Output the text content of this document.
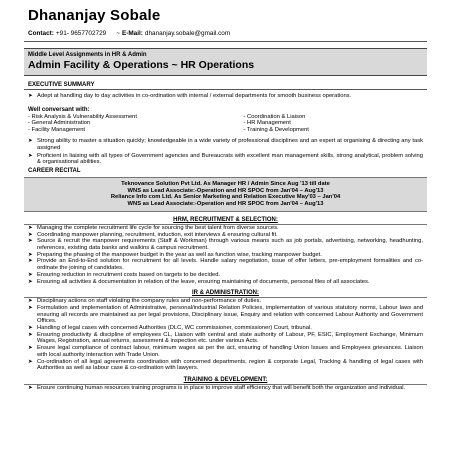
Dhananjay Sobale
Contact: +91- 9657702729 ~ E-Mail: dhananjay.sobale@gmail.com
Middle Level Assignments in HR & Admin
Admin Facility & Operations ~ HR Operations
EXECUTIVE SUMMARY
➤ Adept at handling day to day activities in co-ordination with internal / external departments for smooth business operations.
Well conversant with:
- Risk Analysis & Vulnerability Assessment	- Coordination & Liaison
- General Administration	- HR Management
- Facility Management	- Training & Development
➤ Strong ability to master a situation quickly; knowledgeable in a wide variety of professional disciplines and an expert at organising & directing any task assigned
➤ Proficient in liaising with all types of Government agencies and Bureaucrats with excellent man management skills, strong analytical, problem solving & organisational abilities.
CAREER RECITAL
Teknovance Solution Pvt Ltd. As Manager HR / Admin Since Aug '13 till date
WNS as Lead Associate:-Operation and HR SPOC from Jan'04 – Aug'13
Reliance Info com Ltd. As Senior Marketing and Relation Executive May'03 – Jan'04
WNS as Lead Associate:-Operation and HR SPOC from Jan'04 – Aug'13
HRM, RECRUITMENT & SELECTION:
➤ Managing the complete recruitment life cycle for sourcing the best talent from diverse sources.
➤ Coordinating manpower planning, recruitment, induction, exit interviews & ensuring cultural fit.
➤ Source & recruit the manpower requirements (Staff & Workman) through various means such as job portals, advertising, networking, headhunting, references, existing data banks and walkins & campus recruitment.
➤ Preparing the phasing of the manpower budget in the year as well as function wise, tracking manpower budget.
➤ Provide an End-to-End solution for recruitment for all levels. Handle salary negotiation, issue of offer letters, pre-employment formalities and co-ordinate the joining of candidates.
➤ Ensuring reduction in recruitment costs based on targets to be decided.
➤ Ensuring all activities & documentation in relation of the leave, ensuring maintaining of documents, personal files of all associates.
IR & ADMINISTRATION:
➤ Disciplinary actions on staff violating the company rules and non-performance of duties.
➤ Formulation and implementation of Administrative, personal/industrial Relation Policies, implementation of various statutory norms, Labour laws and ensuring all records are maintained as per legal provisions, Disciplinary issue, Enquiry and relation with concerned Labour Authority and Government Offices.
➤ Handling of legal cases with concerned Authorities (DLC, WC commissioner, commissioner) Court, tribunal.
➤ Ensuring productivity & discipline of employees CL, Liaison with central and state authority of Labour, PF, ESIC, Employment Exchange, Minimum Wages, Registration, annual returns, assessment & inspection etc. under various Acts.
➤ Ensure legal compliance of contract labour, minimum wages as per the act, ensuring of handling Union Issues and Employees grievances. Liaison with local authority interaction with Trade Union.
➤ Co-ordination of all legal agreements coordination with concerned departments, region & corporate Legal, Tracking & handling of legal cases with Authorities as well as labour case & co-ordination with lawyers.
TRAINING & DEVELOPMENT:
➤ Ensure continuing human resources training programs is in place to improve staff efficiency that will benefit both the organization and individual.
